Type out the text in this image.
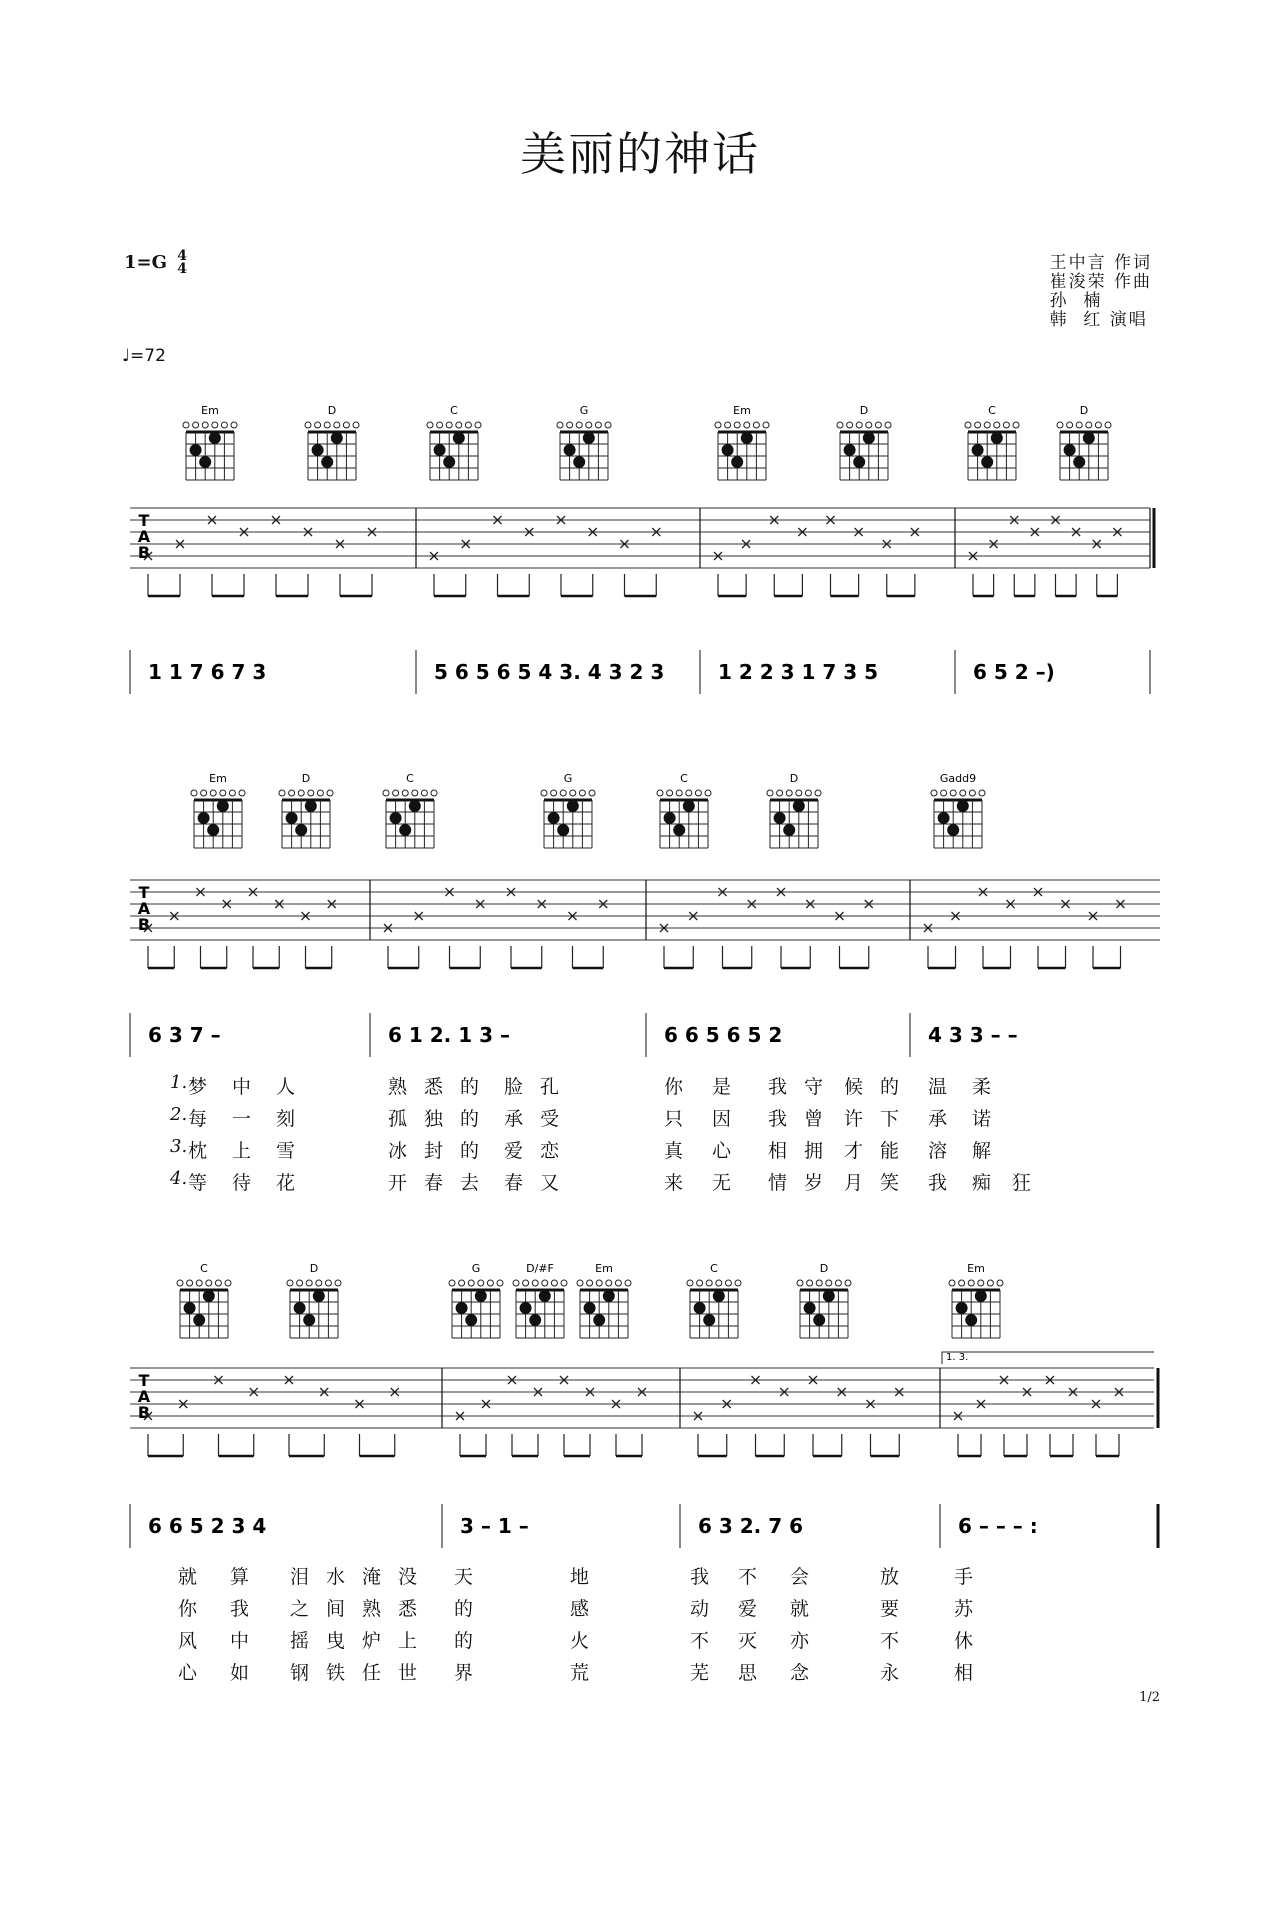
美丽的神话
1=G 4
4
♩=72
王中言 作词
崔浚荣 作曲
孙  楠
韩  红 演唱
Em	D	C	G	Em	D	C	D
T
A
B
1 1 7 6 7 3	5 6 5 6 5 4 3. 4 3 2 3	1 2 2 3 1 7 3 5	6 5 2 –)
Em	D	C	G	C	D	Gadd9
T
A
B
6 3 7 –	6 1 2. 1 3 –	6 6 5 6 5 2	4 3 3 – –
C	D	G	D/#F	Em	C	D	Em
T
A
B
1. 3.
6 6 5 2 3 4	3 – 1 –	6 3 2. 7 6	6 – – – :
1. 梦 中 人	熟 悉 的 脸 孔	你 是 我 守 候 的 温 柔
2. 每 一 刻	孤 独 的 承 受	只 因 我 曾 许 下 承 诺
3. 枕 上 雪	冰 封 的 爱 恋	真 心 相 拥 才 能 溶 解
4. 等 待 花	开 春 去 春 又	来 无 情 岁 月 笑 我 痴 狂
就 算 泪 水 淹 没 天	地	我 不 会	放	手
你 我 之 间 熟 悉 的	感	动 爱 就	要	苏
风 中 摇 曳 炉 上 的	火	不 灭 亦	不	休
心 如 钢 铁 任 世 界	荒	芜 思 念	永	相
1/2
